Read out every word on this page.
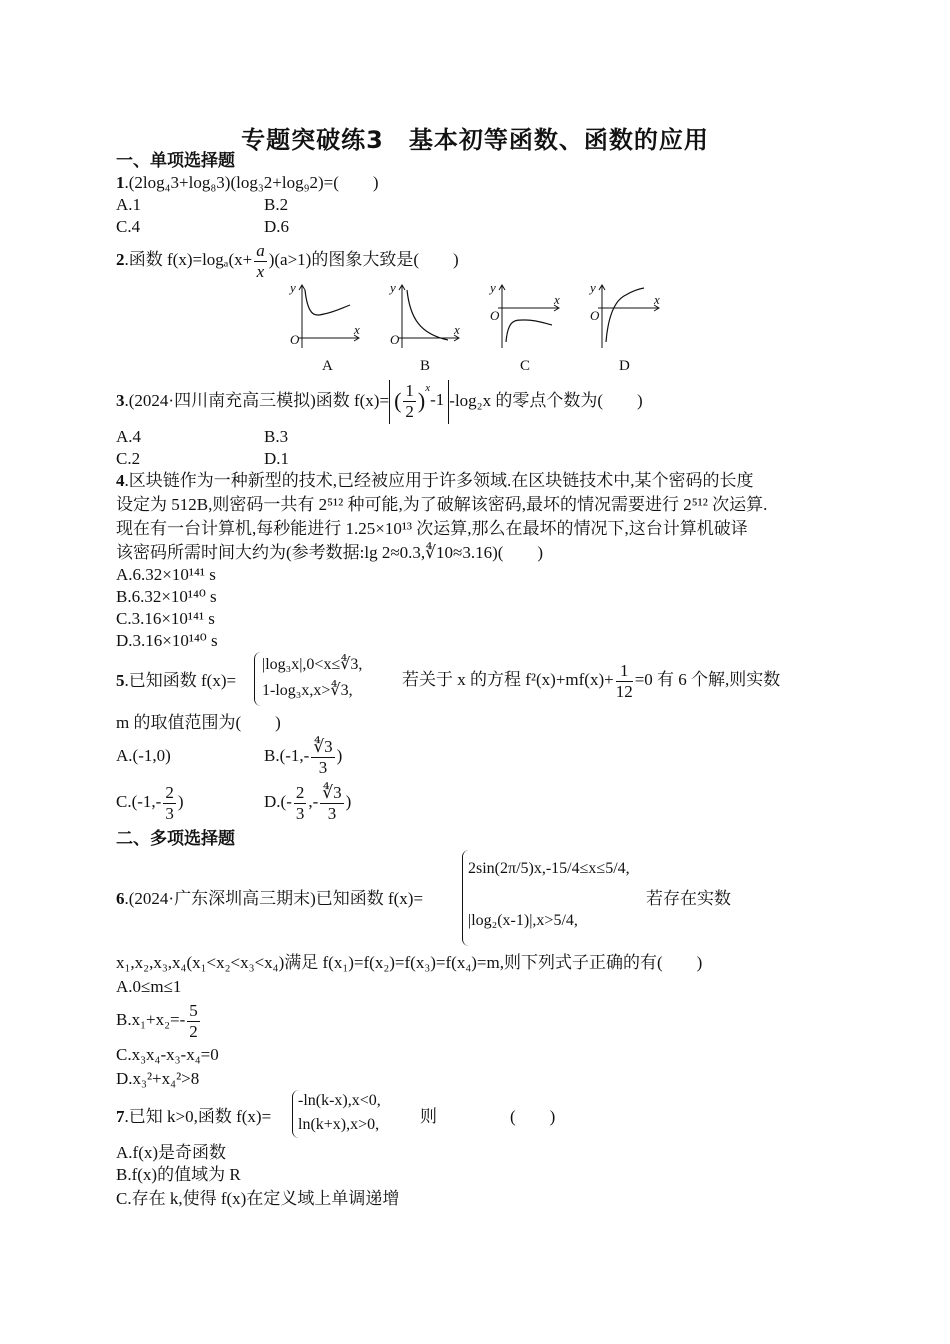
专题突破练3　基本初等函数、函数的应用
一、单项选择题
1.(2log₄3+log₈3)(log₃2+log₉2)=(　　)
A.1	B.2
C.4	D.6
2.函数 $f(x)=\log_a(x+ \frac{a}{x} )(a>1)$的图象大致是(　　)
y
x
O
y
x
O
y
x
O
y
x
O
A	B	C	D
3.(2024·四川南充高三模拟)函数 f(x)= ( $\frac{1}{2} )^x-1$ -log₂x 的零点个数为(　　)
A.4	B.3
C.2	D.1
4.区块链作为一种新型的技术,已经被应用于许多领域.在区块链技术中,某个密码的长度
设定为 512B,则密码一共有 2⁵¹² 种可能,为了破解该密码,最坏的情况需要进行 2⁵¹² 次运算.
现在有一台计算机,每秒能进行 1.25×10¹³ 次运算,那么在最坏的情况下,这台计算机破译
该密码所需时间大约为(参考数据:lg 2≈0.3,∜10≈3.16)(　　)
A.6.32×10¹⁴¹ s
B.6.32×10¹⁴⁰ s
C.3.16×10¹⁴¹ s
D.3.16×10¹⁴⁰ s
5.已知函数 f(x)=
|log₃x|,0<x≤∜3,
1-log₃x,x>∜3,
若关于 x 的方程 $f^2(x)+mf(x)+ \frac{1}{12} =0$ 有 6 个解,则实数
m 的取值范围为(　　)
A.(-1,0)	$B.(-1,- \frac{∜3}{3}$ )
$C.(-1,- \frac{2}{3}$ )	$D.(- \frac{2}{3}$ ,- $\frac{∜3}{3}$ )
二、多项选择题
6.(2024·广东深圳高三期末)已知函数 f(x)=
2sin(2π/5)x,-15/4≤x≤5/4,
|log₂(x-1)|,x>5/4,
若存在实数
x₁,x₂,x₃,x₄(x₁<x₂<x₃<x₄)满足 f(x₁)=f(x₂)=f(x₃)=f(x₄)=m,则下列式子正确的有(　　)
A.0≤m≤1
$B.x_1+x_2=- \frac{5}{2}$
C.x₃x₄-x₃-x₄=0
D.x₃²+x₄²>8
7.已知 k>0,函数 f(x)=
-ln(k-x),x<0,
ln(k+x),x>0, 则	(　　)
A.f(x)是奇函数
B.f(x)的值域为 R
C.存在 k,使得 f(x)在定义域上单调递增
